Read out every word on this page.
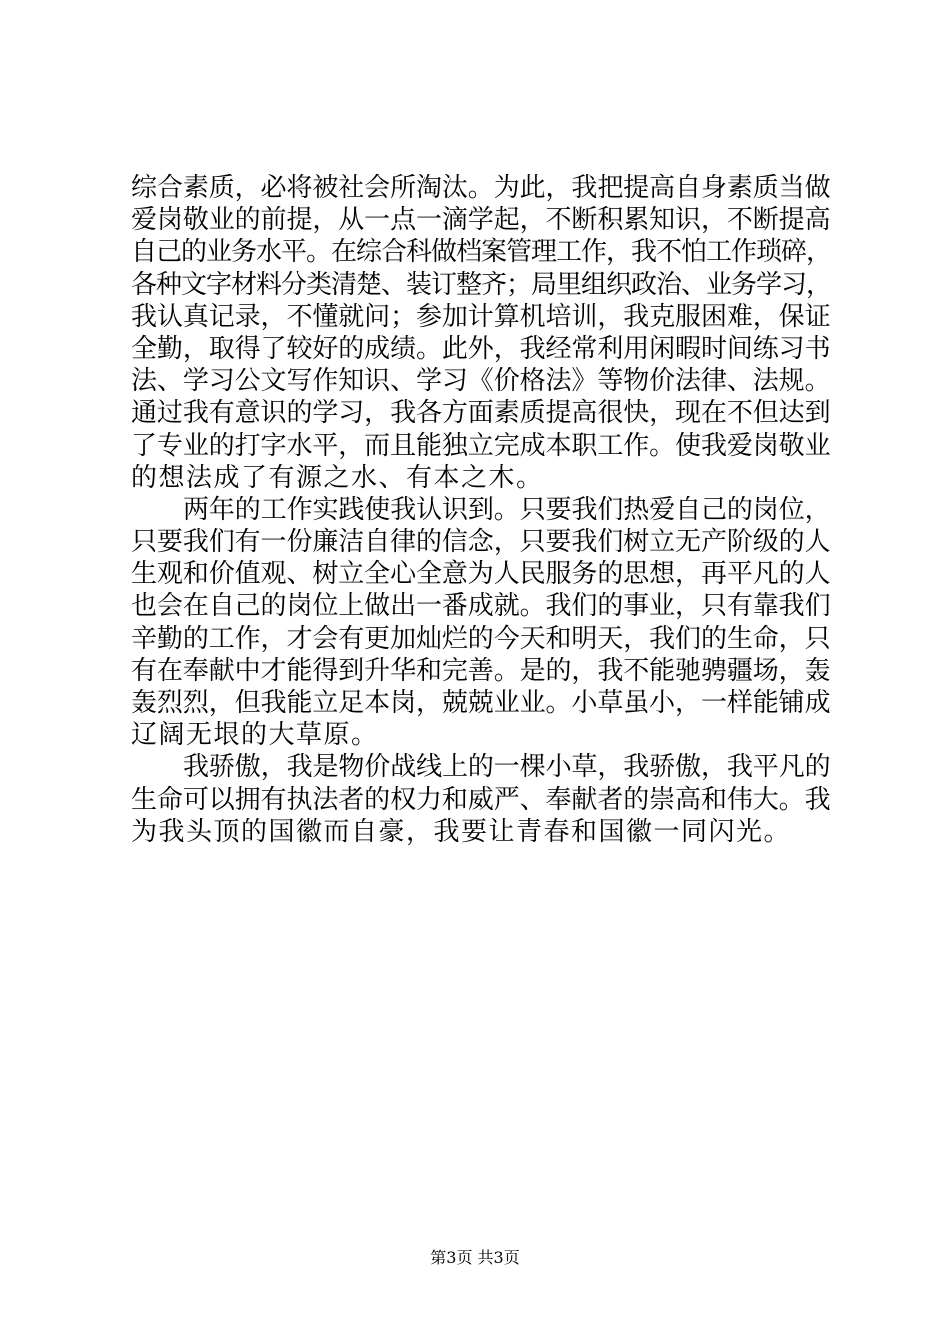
综合素质，必将被社会所淘汰。为此，我把提高自身素质当做
爱岗敬业的前提，从一点一滴学起，不断积累知识，不断提高
自己的业务水平。在综合科做档案管理工作，我不怕工作琐碎，
各种文字材料分类清楚、装订整齐；局里组织政治、业务学习，
我认真记录，不懂就问；参加计算机培训，我克服困难，保证
全勤，取得了较好的成绩。此外，我经常利用闲暇时间练习书
法、学习公文写作知识、学习《价格法》等物价法律、法规。
通过我有意识的学习，我各方面素质提高很快，现在不但达到
了专业的打字水平，而且能独立完成本职工作。使我爱岗敬业
的想法成了有源之水、有本之木。
两年的工作实践使我认识到。只要我们热爱自己的岗位，
只要我们有一份廉洁自律的信念，只要我们树立无产阶级的人
生观和价值观、树立全心全意为人民服务的思想，再平凡的人
也会在自己的岗位上做出一番成就。我们的事业，只有靠我们
辛勤的工作，才会有更加灿烂的今天和明天，我们的生命，只
有在奉献中才能得到升华和完善。是的，我不能驰骋疆场，轰
轰烈烈，但我能立足本岗，兢兢业业。小草虽小，一样能铺成
辽阔无垠的大草原。
我骄傲，我是物价战线上的一棵小草，我骄傲，我平凡的
生命可以拥有执法者的权力和威严、奉献者的崇高和伟大。我
为我头顶的国徽而自豪，我要让青春和国徽一同闪光。
第3页 共3页
